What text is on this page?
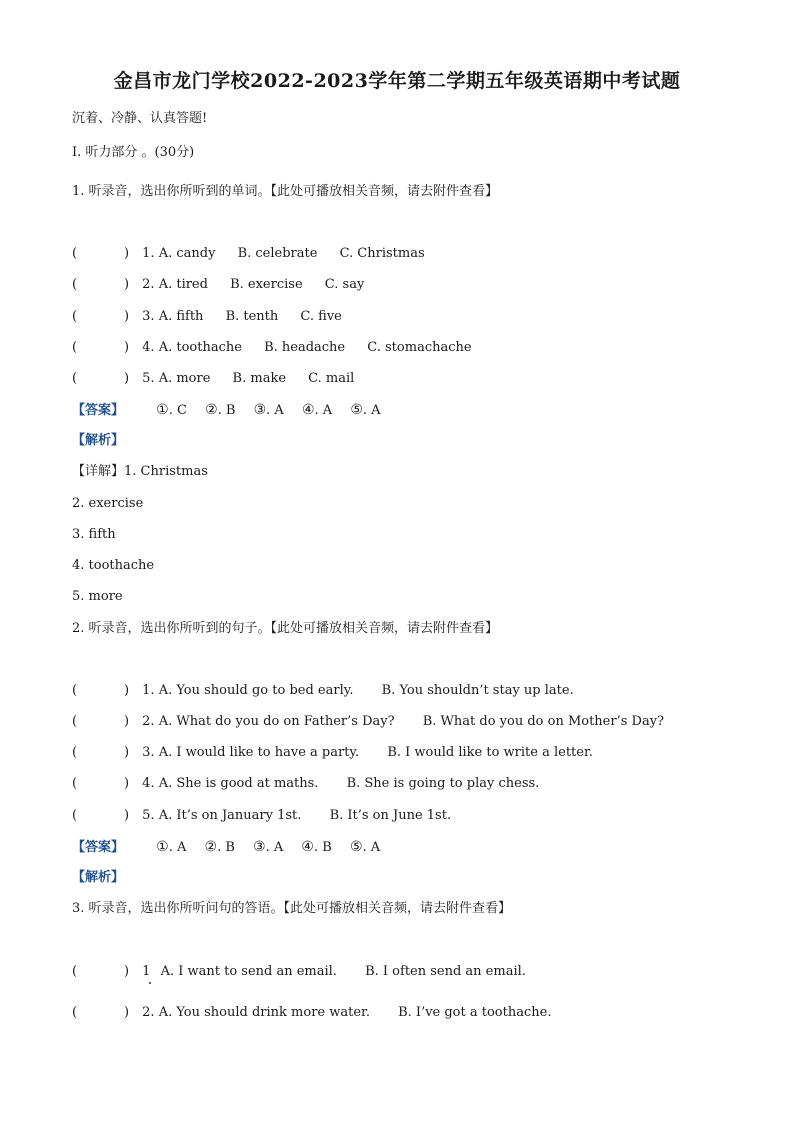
金昌市龙门学校2022-2023学年第二学期五年级英语期中考试题
沉着、冷静、认真答题!
I. 听力部分 。(30分)
1. 听录音，选出你所听到的单词。【此处可播放相关音频，请去附件查看】
(	) 1. A. candy B. celebrate C. Christmas
(	) 2. A. tired B. exercise C. say
(	) 3. A. fifth B. tenth C. five
(	) 4. A. toothache B. headache C. stomachache
(	) 5. A. more B. make C. mail
【答案】 ①. C ②. B ③. A ④. A ⑤. A
【解析】
【详解】1. Christmas
2. exercise
3. fifth
4. toothache
5. more
2. 听录音，选出你所听到的句子。【此处可播放相关音频，请去附件查看】
(	) 1. A. You should go to bed early. B. You shouldn’t stay up late.
(	) 2. A. What do you do on Father’s Day? B. What do you do on Mother’s Day?
(	) 3. A. I would like to have a party. B. I would like to write a letter.
(	) 4. A. She is good at maths. B. She is going to play chess.
(	) 5. A. It’s on January 1st. B. It’s on June 1st.
【答案】 ①. A ②. B ③. A ④. B ⑤. A
【解析】
3. 听录音，选出你所听问句的答语。【此处可播放相关音频，请去附件查看】
(	) 1 A. I want to send an email. B. I often send an email.
(	) 2. A. You should drink more water. B. I’ve got a toothache.
